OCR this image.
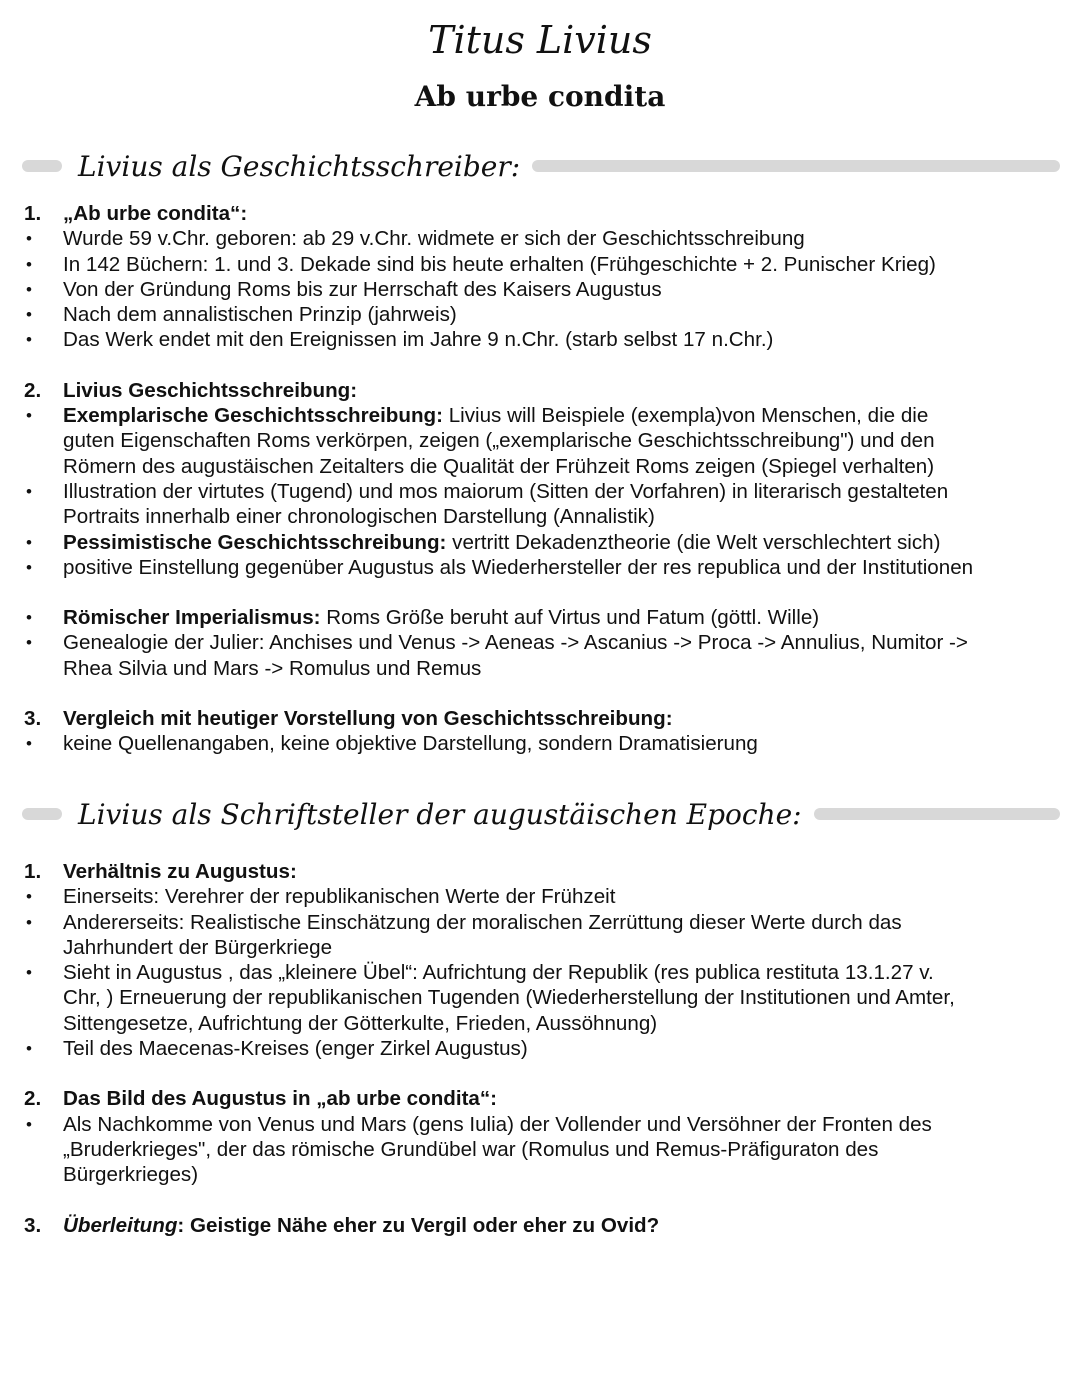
Titus Livius
Ab urbe condita
Livius als Geschichtsschreiber:
1.	„Ab urbe condita“:
•	Wurde 59 v.Chr. geboren: ab 29 v.Chr. widmete er sich der Geschichtsschreibung
•	In 142 Büchern: 1. und 3. Dekade sind bis heute erhalten (Frühgeschichte + 2. Punischer Krieg)
•	Von der Gründung Roms bis zur Herrschaft des Kaisers Augustus
•	Nach dem annalistischen Prinzip (jahrweis)
•	Das Werk endet mit den Ereignissen im Jahre 9 n.Chr. (starb selbst 17 n.Chr.)
2.	Livius Geschichtsschreibung:
•	Exemplarische Geschichtsschreibung: Livius will Beispiele (exempla)von Menschen, die die
guten Eigenschaften Roms verkörpen, zeigen („exemplarische Geschichtsschreibung") und den
Römern des augustäischen Zeitalters die Qualität der Frühzeit Roms zeigen (Spiegel verhalten)
•	Illustration der virtutes (Tugend) und mos maiorum (Sitten der Vorfahren) in literarisch gestalteten
Portraits innerhalb einer chronologischen Darstellung (Annalistik)
•	Pessimistische Geschichtsschreibung: vertritt Dekadenztheorie (die Welt verschlechtert sich)
•	positive Einstellung gegenüber Augustus als Wiederhersteller der res republica und der Institutionen
•	Römischer Imperialismus: Roms Größe beruht auf Virtus und Fatum (göttl. Wille)
•	Genealogie der Julier: Anchises und Venus -> Aeneas -> Ascanius -> Proca -> Annulius, Numitor ->
Rhea Silvia und Mars -> Romulus und Remus
3.	Vergleich mit heutiger Vorstellung von Geschichtsschreibung:
•	keine Quellenangaben, keine objektive Darstellung, sondern Dramatisierung
Livius als Schriftsteller der augustäischen Epoche:
1.	Verhältnis zu Augustus:
•	Einerseits: Verehrer der republikanischen Werte der Frühzeit
•	Andererseits: Realistische Einschätzung der moralischen Zerrüttung dieser Werte durch das
Jahrhundert der Bürgerkriege
•	Sieht in Augustus , das „kleinere Übel“: Aufrichtung der Republik (res publica restituta 13.1.27 v.
Chr, ) Erneuerung der republikanischen Tugenden (Wiederherstellung der Institutionen und Amter,
Sittengesetze, Aufrichtung der Götterkulte, Frieden, Aussöhnung)
•	Teil des Maecenas-Kreises (enger Zirkel Augustus)
2.	Das Bild des Augustus in „ab urbe condita“:
•	Als Nachkomme von Venus und Mars (gens Iulia) der Vollender und Versöhner der Fronten des
„Bruderkrieges", der das römische Grundübel war (Romulus und Remus-Präfiguraton des
Bürgerkrieges)
3.	Überleitung: Geistige Nähe eher zu Vergil oder eher zu Ovid?
